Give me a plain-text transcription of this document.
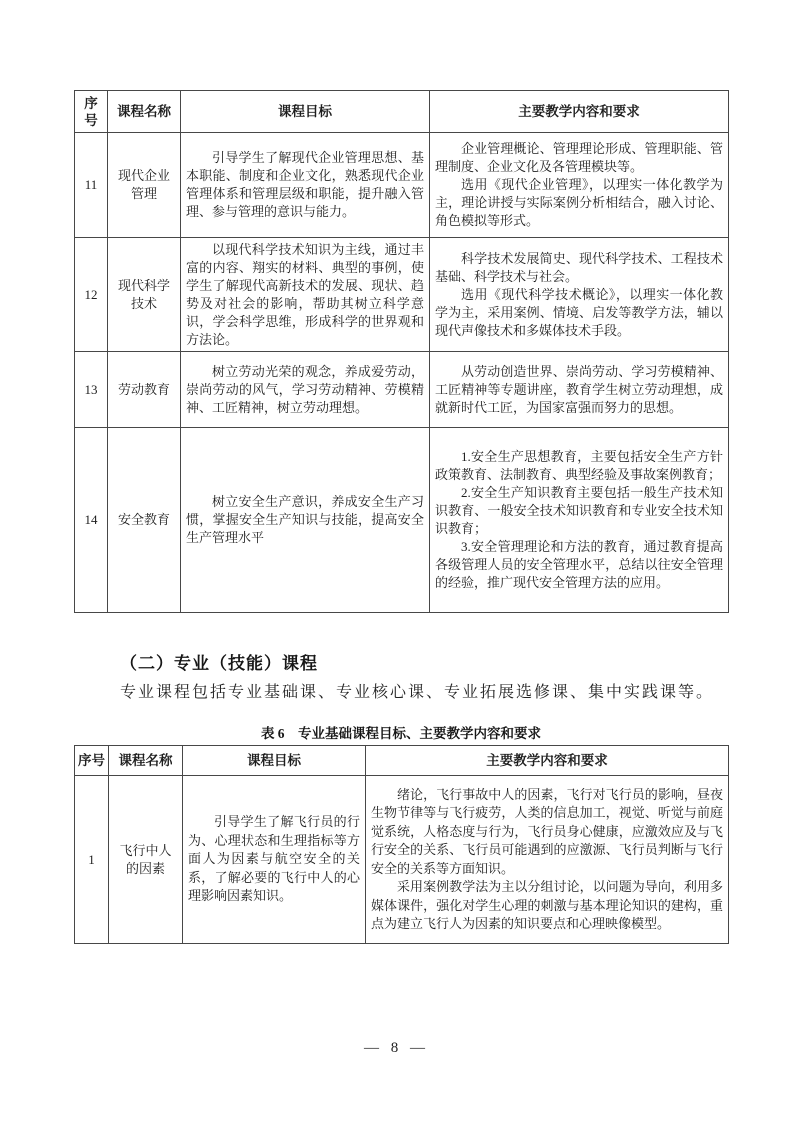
序号	课程名称	课程目标	主要教学内容和要求
11	现代企业管理	引导学生了解现代企业管理思想、基本职能、制度和企业文化，熟悉现代企业管理体系和管理层级和职能，提升融入管理、参与管理的意识与能力。	企业管理概论、管理理论形成、管理职能、管理制度、企业文化及各管理模块等。
选用《现代企业管理》，以理实一体化教学为主，理论讲授与实际案例分析相结合，融入讨论、角色模拟等形式。

12	现代科学技术	以现代科学技术知识为主线，通过丰富的内容、翔实的材料、典型的事例，使学生了解现代高新技术的发展、现状、趋势及对社会的影响，帮助其树立科学意识，学会科学思维，形成科学的世界观和方法论。	科学技术发展简史、现代科学技术、工程技术基础、科学技术与社会。
选用《现代科学技术概论》，以理实一体化教学为主，采用案例、情境、启发等教学方法，辅以现代声像技术和多媒体技术手段。

13	劳动教育	树立劳动光荣的观念，养成爱劳动，崇尚劳动的风气，学习劳动精神、劳模精神、工匠精神，树立劳动理想。	从劳动创造世界、崇尚劳动、学习劳模精神、工匠精神等专题讲座，教育学生树立劳动理想，成就新时代工匠，为国家富强而努力的思想。

14	安全教育	树立安全生产意识，养成安全生产习惯，掌握安全生产知识与技能，提高安全生产管理水平	1.安全生产思想教育，主要包括安全生产方针政策教育、法制教育、典型经验及事故案例教育；
2.安全生产知识教育主要包括一般生产技术知识教育、一般安全技术知识教育和专业安全技术知识教育；
3.安全管理理论和方法的教育，通过教育提高各级管理人员的安全管理水平，总结以往安全管理的经验，推广现代安全管理方法的应用。
（二）专业（技能）课程
专业课程包括专业基础课、专业核心课、专业拓展选修课、集中实践课等。
表 6　专业基础课程目标、主要教学内容和要求
序号	课程名称	课程目标	主要教学内容和要求
1	飞行中人的因素	引导学生了解飞行员的行为、心理状态和生理指标等方面人为因素与航空安全的关系，了解必要的飞行中人的心理影响因素知识。	绪论，飞行事故中人的因素，飞行对飞行员的影响，昼夜生物节律等与飞行疲劳，人类的信息加工，视觉、听觉与前庭觉系统，人格态度与行为，飞行员身心健康，应激效应及与飞行安全的关系、飞行员可能遇到的应激源、飞行员判断与飞行安全的关系等方面知识。
采用案例教学法为主以分组讨论，以问题为导向，利用多媒体课件，强化对学生心理的刺激与基本理论知识的建构，重点为建立飞行人为因素的知识要点和心理映像模型。
— 8 —
